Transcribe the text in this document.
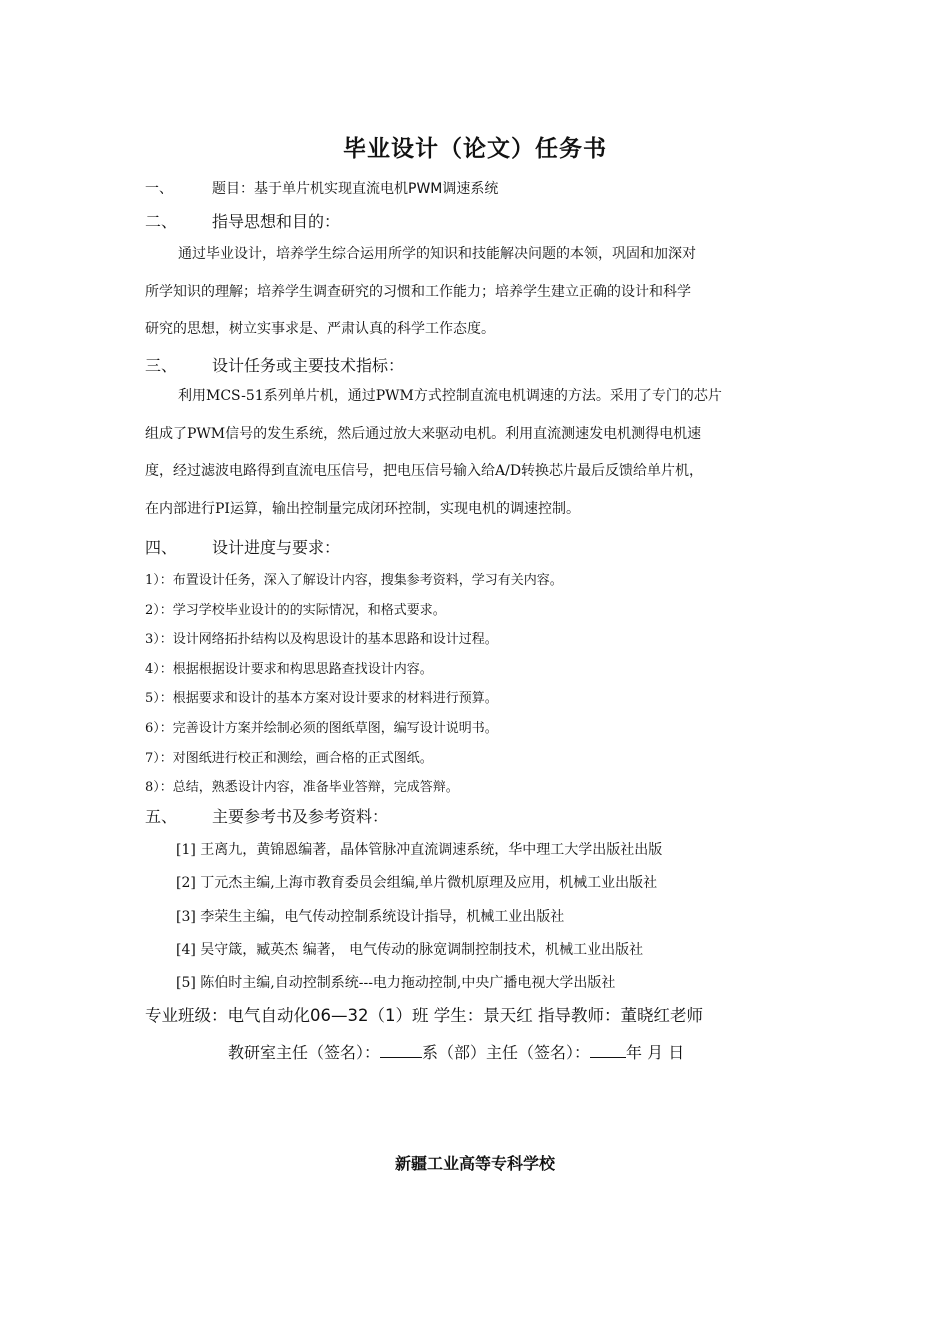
毕业设计（论文）任务书
一、	题目：基于单片机实现直流电机PWM调速系统
二、 指导思想和目的：

通过毕业设计，培养学生综合运用所学的知识和技能解决问题的本领，巩固和加深对

所学知识的理解；培养学生调查研究的习惯和工作能力；培养学生建立正确的设计和科学

研究的思想，树立实事求是、严肃认真的科学工作态度。

三、 设计任务或主要技术指标：

利用MCS-51系列单片机，通过PWM方式控制直流电机调速的方法。采用了专门的芯片

组成了PWM信号的发生系统，然后通过放大来驱动电机。利用直流测速发电机测得电机速

度，经过滤波电路得到直流电压信号，把电压信号输入给A/D转换芯片最后反馈给单片机，

在内部进行PI运算，输出控制量完成闭环控制，实现电机的调速控制。

四、 设计进度与要求：
1）：布置设计任务，深入了解设计内容，搜集参考资料，学习有关内容。
2）：学习学校毕业设计的的实际情况，和格式要求。
3）：设计网络拓扑结构以及构思设计的基本思路和设计过程。
4）：根据根据设计要求和构思思路查找设计内容。
5）：根据要求和设计的基本方案对设计要求的材料进行预算。
6）：完善设计方案并绘制必须的图纸草图，编写设计说明书。
7）：对图纸进行校正和测绘，画合格的正式图纸。
8）：总结，熟悉设计内容，准备毕业答辩，完成答辩。
五、 主要参考书及参考资料：
[1] 王离九，黄锦恩编著，晶体管脉冲直流调速系统，华中理工大学出版社出版
[2] 丁元杰主编,上海市教育委员会组编,单片微机原理及应用，机械工业出版社
[3] 李荣生主编，电气传动控制系统设计指导，机械工业出版社
[4] 吴守箴，臧英杰 编著， 电气传动的脉宽调制控制技术，机械工业出版社
[5] 陈伯时主编,自动控制系统---电力拖动控制,中央广播电视大学出版社
专业班级：电气自动化06—32（1）班 学生：景天红 指导教师：董晓红老师
教研室主任（签名）：	系（部）主任（签名）： 年 月 日
新疆工业高等专科学校
